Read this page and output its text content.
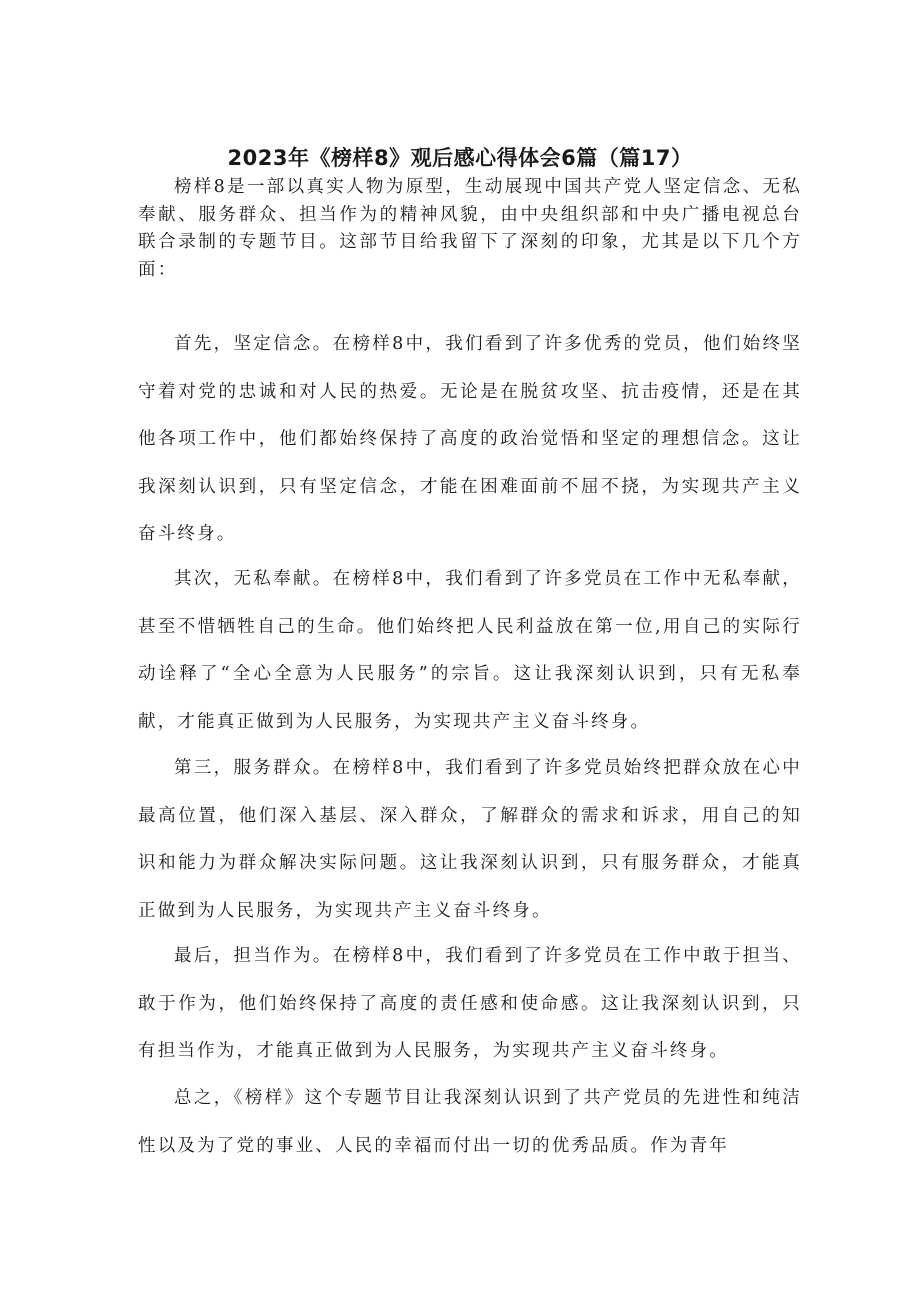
2023年《榜样8》观后感心得体会6篇（篇17）

榜样8是一部以真实人物为原型，生动展现中国共产党人坚定信念、无私奉献、服务群众、担当作为的精神风貌，由中央组织部和中央广播电视总台联合录制的专题节目。这部节目给我留下了深刻的印象，尤其是以下几个方面：

首先，坚定信念。在榜样8中，我们看到了许多优秀的党员，他们始终坚守着对党的忠诚和对人民的热爱。无论是在脱贫攻坚、抗击疫情，还是在其他各项工作中，他们都始终保持了高度的政治觉悟和坚定的理想信念。这让我深刻认识到，只有坚定信念，才能在困难面前不屈不挠，为实现共产主义奋斗终身。

其次，无私奉献。在榜样8中，我们看到了许多党员在工作中无私奉献，甚至不惜牺牲自己的生命。他们始终把人民利益放在第一位,用自己的实际行动诠释了“全心全意为人民服务”的宗旨。这让我深刻认识到，只有无私奉献，才能真正做到为人民服务，为实现共产主义奋斗终身。

第三，服务群众。在榜样8中，我们看到了许多党员始终把群众放在心中最高位置，他们深入基层、深入群众，了解群众的需求和诉求，用自己的知识和能力为群众解决实际问题。这让我深刻认识到，只有服务群众，才能真正做到为人民服务，为实现共产主义奋斗终身。

最后，担当作为。在榜样8中，我们看到了许多党员在工作中敢于担当、敢于作为，他们始终保持了高度的责任感和使命感。这让我深刻认识到，只有担当作为，才能真正做到为人民服务，为实现共产主义奋斗终身。

总之，《榜样》这个专题节目让我深刻认识到了共产党员的先进性和纯洁性以及为了党的事业、人民的幸福而付出一切的优秀品质。作为青年
